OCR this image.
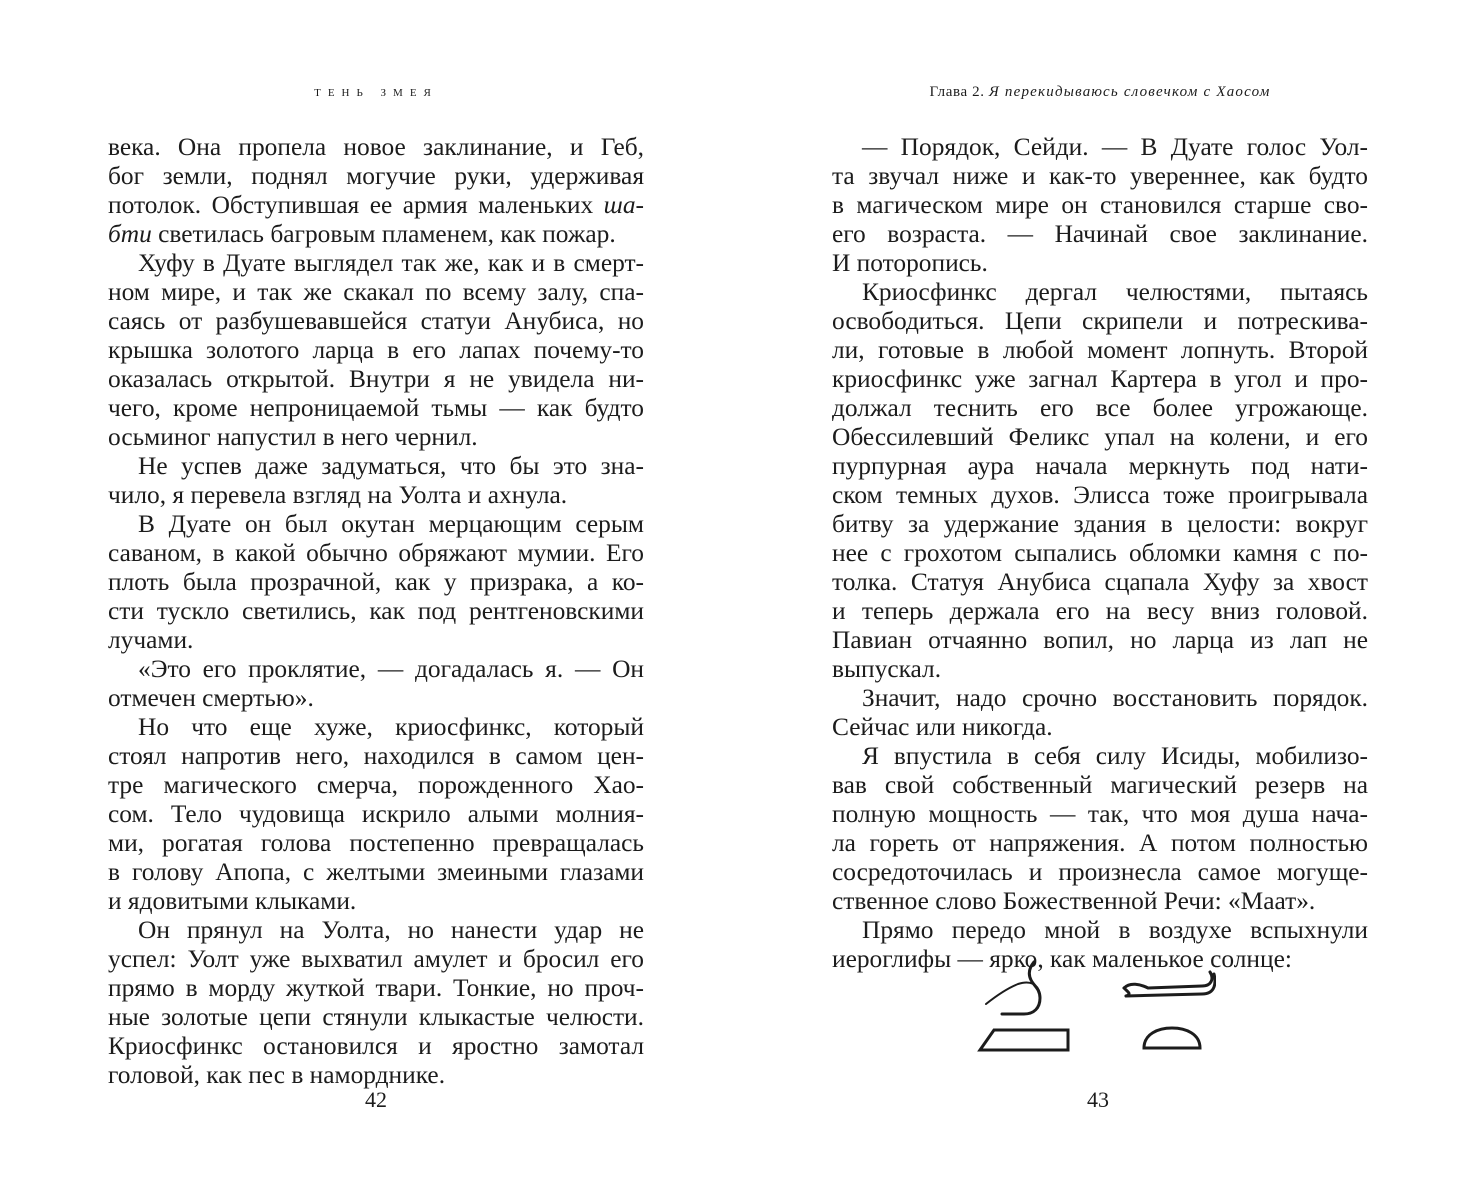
тень змея
века. Она пропела новое заклинание, и Геб,
бог земли, поднял могучие руки, удерживая
потолок. Обступившая ее армия маленьких ша-
бти светилась багровым пламенем, как пожар.
Хуфу в Дуате выглядел так же, как и в смерт-
ном мире, и так же скакал по всему залу, спа-
саясь от разбушевавшейся статуи Анубиса, но
крышка золотого ларца в его лапах почему-то
оказалась открытой. Внутри я не увидела ни-
чего, кроме непроницаемой тьмы — как будто
осьминог напустил в него чернил.
Не успев даже задуматься, что бы это зна-
чило, я перевела взгляд на Уолта и ахнула.
В Дуате он был окутан мерцающим серым
саваном, в какой обычно обряжают мумии. Его
плоть была прозрачной, как у призрака, а ко-
сти тускло светились, как под рентгеновскими
лучами.
«Это его проклятие, — догадалась я. — Он
отмечен смертью».
Но что еще хуже, криосфинкс, который
стоял напротив него, находился в самом цен-
тре магического смерча, порожденного Хао-
сом. Тело чудовища искрило алыми молния-
ми, рогатая голова постепенно превращалась
в голову Апопа, с желтыми змеиными глазами
и ядовитыми клыками.
Он прянул на Уолта, но нанести удар не
успел: Уолт уже выхватил амулет и бросил его
прямо в морду жуткой твари. Тонкие, но проч-
ные золотые цепи стянули клыкастые челюсти.
Криосфинкс остановился и яростно замотал
головой, как пес в наморднике.
42
Глава 2. Я перекидываюсь словечком с Хаосом
— Порядок, Сейди. — В Дуате голос Уол-
та звучал ниже и как-то увереннее, как будто
в магическом мире он становился старше сво-
его возраста. — Начинай свое заклинание.
И поторопись.
Криосфинкс дергал челюстями, пытаясь
освободиться. Цепи скрипели и потрескива-
ли, готовые в любой момент лопнуть. Второй
криосфинкс уже загнал Картера в угол и про-
должал теснить его все более угрожающе.
Обессилевший Феликс упал на колени, и его
пурпурная аура начала меркнуть под нати-
ском темных духов. Элисса тоже проигрывала
битву за удержание здания в целости: вокруг
нее с грохотом сыпались обломки камня с по-
толка. Статуя Анубиса сцапала Хуфу за хвост
и теперь держала его на весу вниз головой.
Павиан отчаянно вопил, но ларца из лап не
выпускал.
Значит, надо срочно восстановить порядок.
Сейчас или никогда.
Я впустила в себя силу Исиды, мобилизо-
вав свой собственный магический резерв на
полную мощность — так, что моя душа нача-
ла гореть от напряжения. А потом полностью
сосредоточилась и произнесла самое могуще-
ственное слово Божественной Речи: «Маат».
Прямо передо мной в воздухе вспыхнули
иероглифы — ярко, как маленькое солнце:
43
